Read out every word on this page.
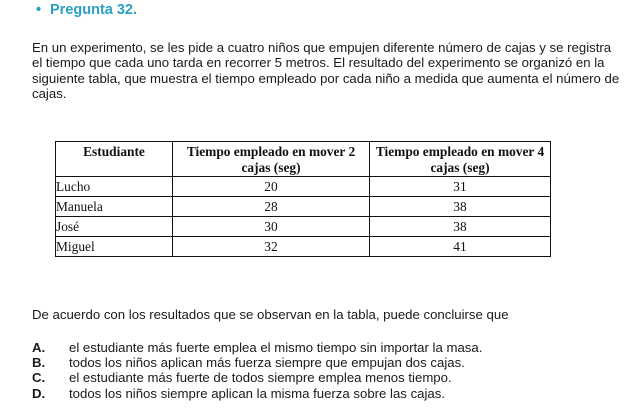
• Pregunta 32.
En un experimento, se les pide a cuatro niños que empujen diferente número de cajas y se registra
el tiempo que cada uno tarda en recorrer 5 metros. El resultado del experimento se organizó en la
siguiente tabla, que muestra el tiempo empleado por cada niño a medida que aumenta el número de
cajas.
Estudiante	Tiempo empleado en mover 2 cajas (seg)	Tiempo empleado en mover 4 cajas (seg)
Lucho	20	31
Manuela	28	38
José	30	38
Miguel	32	41
De acuerdo con los resultados que se observan en la tabla, puede concluirse que
A.	el estudiante más fuerte emplea el mismo tiempo sin importar la masa.
B.	todos los niños aplican más fuerza siempre que empujan dos cajas.
C.	el estudiante más fuerte de todos siempre emplea menos tiempo.
D.	todos los niños siempre aplican la misma fuerza sobre las cajas.
